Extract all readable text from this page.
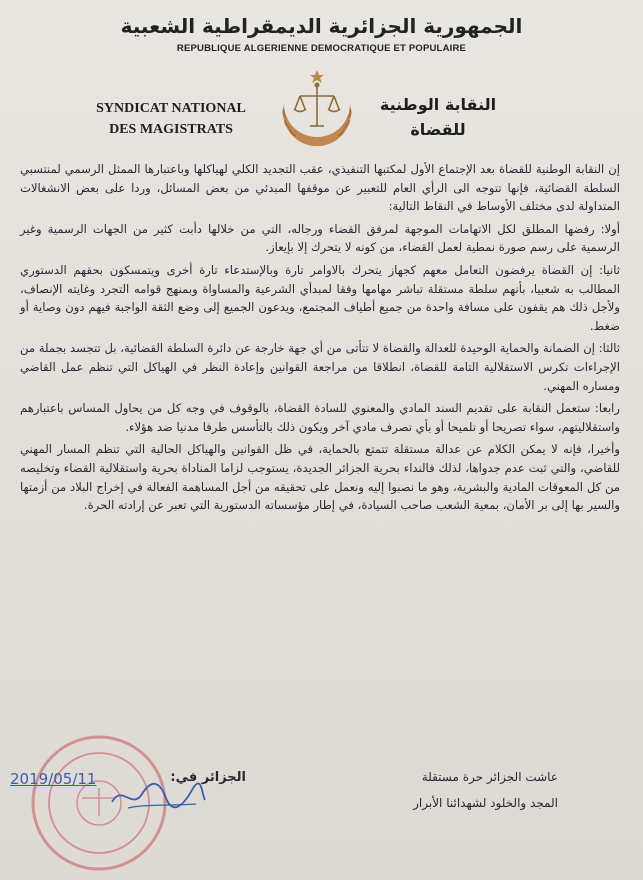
الجمهورية الجزائرية الديمقراطية الشعبية
REPUBLIQUE ALGERIENNE DEMOCRATIQUE ET POPULAIRE
SYNDICAT NATIONAL
DES MAGISTRATS
النقابة الوطنية
للقضاة

إن النقابة الوطنية للقضاة بعد الإجتماع الأول لمكتبها التنفيذي، عقب التجديد الكلي لهياكلها وباعتبارها الممثل الرسمي لمنتسبي السلطة القضائية، فإنها تتوجه الى الرأي العام للتعبير عن موقفها المبدئي من بعض المسائل، وردا على بعض الانشغالات المتداولة لدى مختلف الأوساط في النقاط التالية:

أولا: رفضها المطلق لكل الاتهامات الموجهة لمرفق القضاء ورجاله، التي من خلالها دأبت كثير من الجهات الرسمية وغير الرسمية على رسم صورة نمطية لعمل القضاء، من كونه لا يتحرك إلا بإيعاز.

ثانيا: إن القضاة يرفضون التعامل معهم كجهاز يتحرك بالاوامر تارة وبالإستدعاء تارة أخرى ويتمسكون بحقهم الدستوري المطالب به شعبيا، بأنهم سلطة مستقلة تباشر مهامها وفقا لمبدأي الشرعية والمساواة وبمنهج قوامه التجرد وغايته الإنصاف، ولأجل ذلك هم يقفون على مسافة واحدة من جميع أطياف المجتمع، ويدعون الجميع إلى وضع الثقة الواجبة فيهم دون وصاية أو ضغط.

ثالثا: إن الضمانة والحماية الوحيدة للعدالة والقضاة لا تتأتى من أي جهة خارجة عن دائرة السلطة القضائية، بل تتجسد بجملة من الإجراءات تكرس الاستقلالية التامة للقضاة، انطلاقا من مراجعة القوانين وإعادة النظر في الهياكل التي تنظم عمل القاضي ومساره المهني.

رابعا: ستعمل النقابة على تقديم السند المادي والمعنوي للسادة القضاة، بالوقوف في وجه كل من يحاول المساس باعتبارهم واستقلاليتهم، سواء تصريحا أو تلميحا أو بأي تصرف مادي آخر ويكون ذلك بالتأسس طرفا مدنيا ضد هؤلاء.

وأخيرا، فإنه لا يمكن الكلام عن عدالة مستقلة تتمتع بالحماية، في ظل القوانين والهياكل الحالية التي تنظم المسار المهني للقاضي، والتي ثبت عدم جدواها، لذلك فالنداء بحرية الجزائر الجديدة، يستوجب لزاما المناداة بحرية واستقلالية القضاء وتخليصه من كل المعوقات المادية والبشرية، وهو ما نصبوا إليه ونعمل على تحقيقه من أجل المساهمة الفعالة في إخراج البلاد من أزمتها والسير بها إلى بر الأمان، بمعية الشعب صاحب السيادة، في إطار مؤسساته الدستورية التي تعبر عن إرادته الحرة.

عاشت الجزائر حرة مستقلة
المجد والخلود لشهدائنا الأبرار
2019/05/11	الجزائر في:
